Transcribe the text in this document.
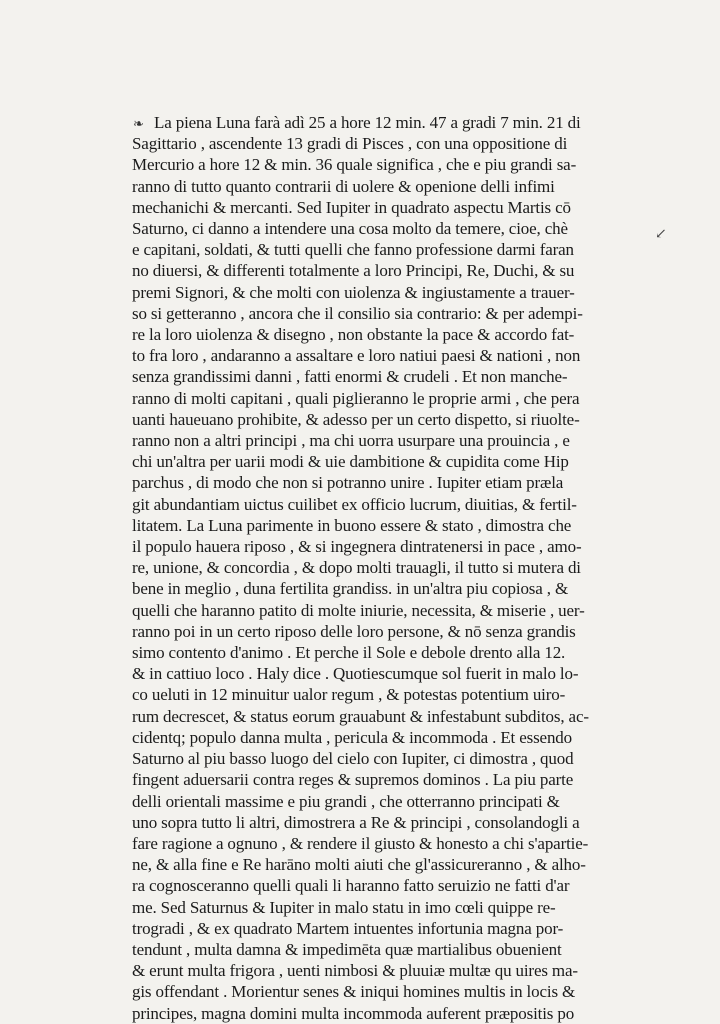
❧
↙
La piena Luna farà adì 25 a hore 12 min. 47 a gradi 7 min. 21 di
Sagittario , ascendente 13 gradi di Pisces , con una oppositione di
Mercurio a hore 12 & min. 36 quale significa , che e piu grandi sa-
ranno di tutto quanto contrarii di uolere & openione delli infimi
mechanichi & mercanti. Sed Iupiter in quadrato aspectu Martis cō
Saturno, ci danno a intendere una cosa molto da temere, cioe, chè
e capitani, soldati, & tutti quelli che fanno professione darmi faran
no diuersi, & differenti totalmente a loro Principi, Re, Duchi, & su
premi Signori, & che molti con uiolenza & ingiustamente a trauer-
so si getteranno , ancora che il consilio sia contrario: & per adempi-
re la loro uiolenza & disegno , non obstante la pace & accordo fat-
to fra loro , andaranno a assaltare e loro natiui paesi & nationi , non
senza grandissimi danni , fatti enormi & crudeli . Et non manche-
ranno di molti capitani , quali piglieranno le proprie armi , che pera
uanti haueuano prohibite, & adesso per un certo dispetto, si riuolte-
ranno non a altri principi , ma chi uorra usurpare una prouincia , e
chi un'altra per uarii modi & uie dambitione & cupidita come Hip
parchus , di modo che non si potranno unire . Iupiter etiam præla
git abundantiam uictus cuilibet ex officio lucrum, diuitias, & fertil-
litatem. La Luna parimente in buono essere & stato , dimostra che
il populo hauera riposo , & si ingegnera dintratenersi in pace , amo-
re, unione, & concordia , & dopo molti trauagli, il tutto si mutera di
bene in meglio , duna fertilita grandiss. in un'altra piu copiosa , &
quelli che haranno patito di molte iniurie, necessita, & miserie , uer-
ranno poi in un certo riposo delle loro persone, & nō senza grandis
simo contento d'animo . Et perche il Sole e debole drento alla 12.
& in cattiuo loco . Haly dice . Quotiescumque sol fuerit in malo lo-
co ueluti in 12 minuitur ualor regum , & potestas potentium uiro-
rum decrescet, & status eorum grauabunt & infestabunt subditos, ac-
cidentq; populo danna multa , pericula & incommoda . Et essendo
Saturno al piu basso luogo del cielo con Iupiter, ci dimostra , quod
fingent aduersarii contra reges & supremos dominos . La piu parte
delli orientali massime e piu grandi , che otterranno principati &
uno sopra tutto li altri, dimostrera a Re & principi , consolandogli a
fare ragione a ognuno , & rendere il giusto & honesto a chi s'apartie-
ne, & alla fine e Re harāno molti aiuti che gl'assicureranno , & alho-
ra cognosceranno quelli quali li haranno fatto seruizio ne fatti d'ar
me. Sed Saturnus & Iupiter in malo statu in imo cœli quippe re-
trogradi , & ex quadrato Martem intuentes infortunia magna por-
tendunt , multa damna & impedimēta quæ martialibus obuenient
& erunt multa frigora , uenti nimbosi & pluuiæ multæ qu uires ma-
gis offendant . Morientur senes & iniqui homines multis in locis &
principes, magna domini multa incommoda auferent præpositis po
